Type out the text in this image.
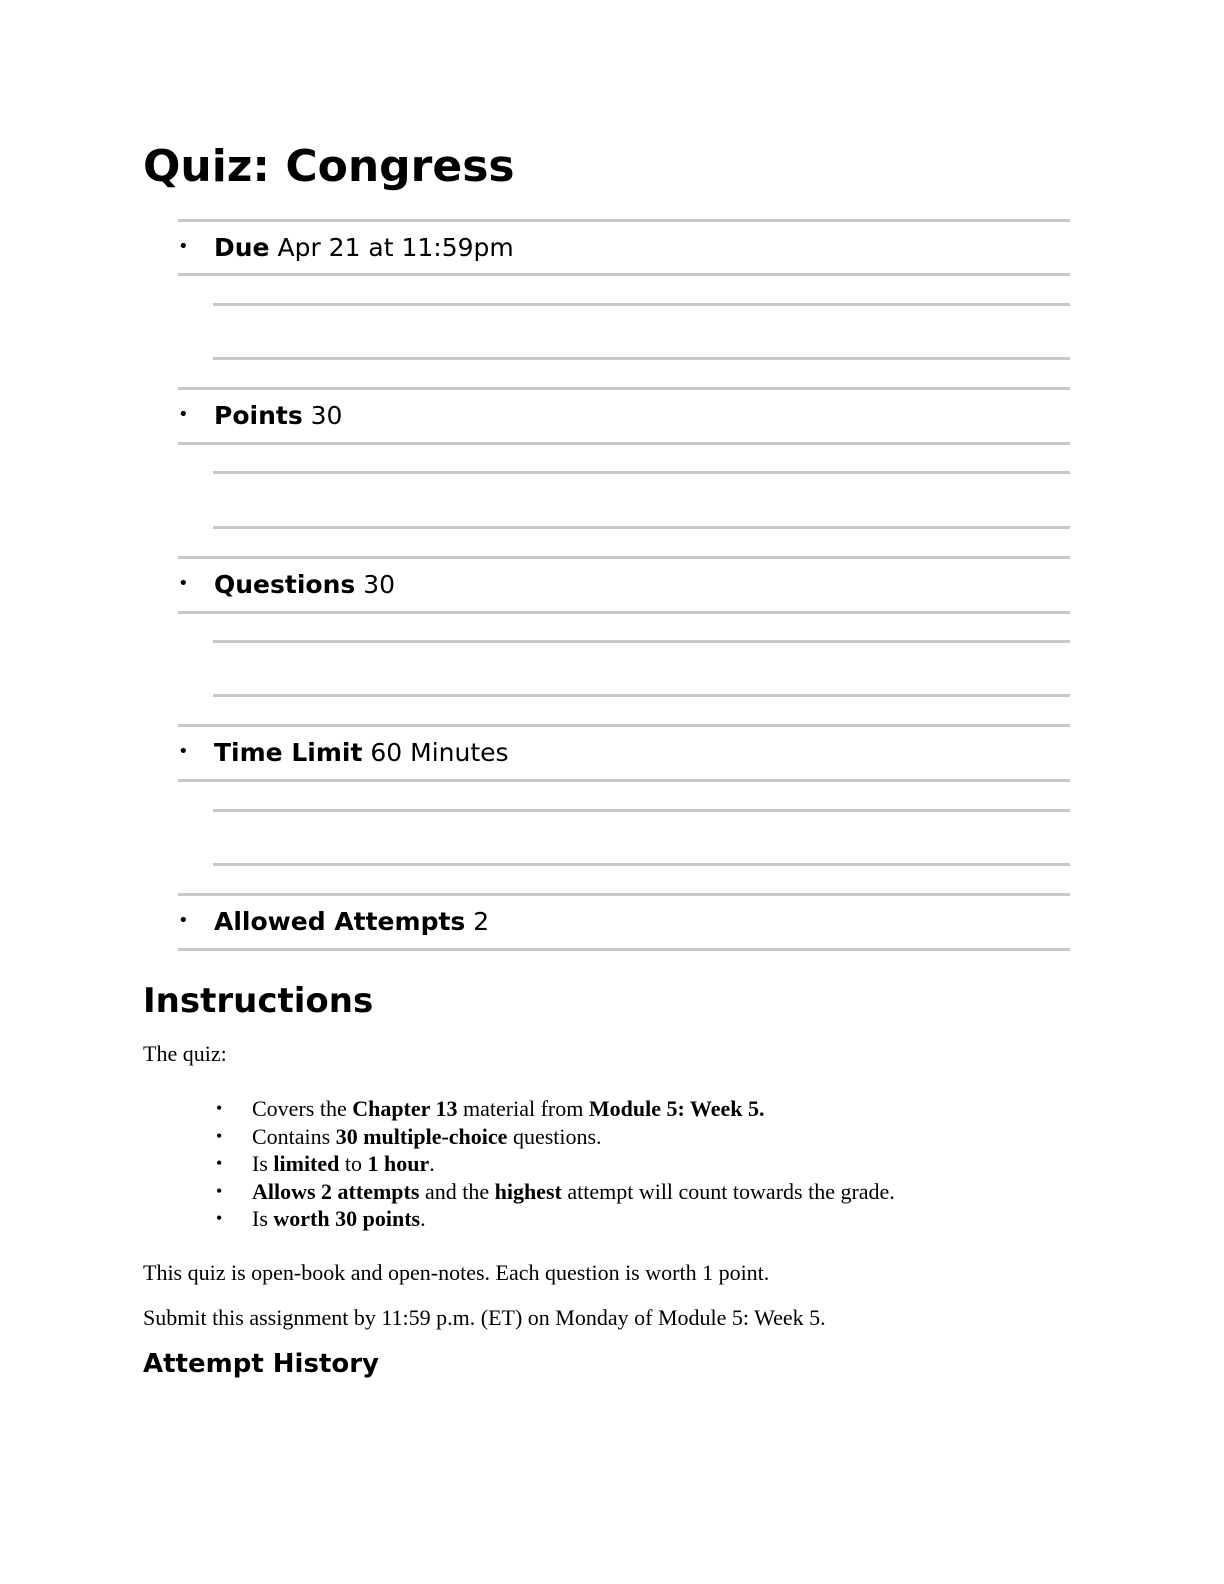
Quiz: Congress
• Due Apr 21 at 11:59pm
• Points 30
• Questions 30
• Time Limit 60 Minutes
• Allowed Attempts 2
Instructions

The quiz:

• Covers the Chapter 13 material from Module 5: Week 5.
• Contains 30 multiple-choice questions.
• Is limited to 1 hour.
• Allows 2 attempts and the highest attempt will count towards the grade.
• Is worth 30 points.

This quiz is open-book and open-notes. Each question is worth 1 point.

Submit this assignment by 11:59 p.m. (ET) on Monday of Module 5: Week 5.

Attempt History
